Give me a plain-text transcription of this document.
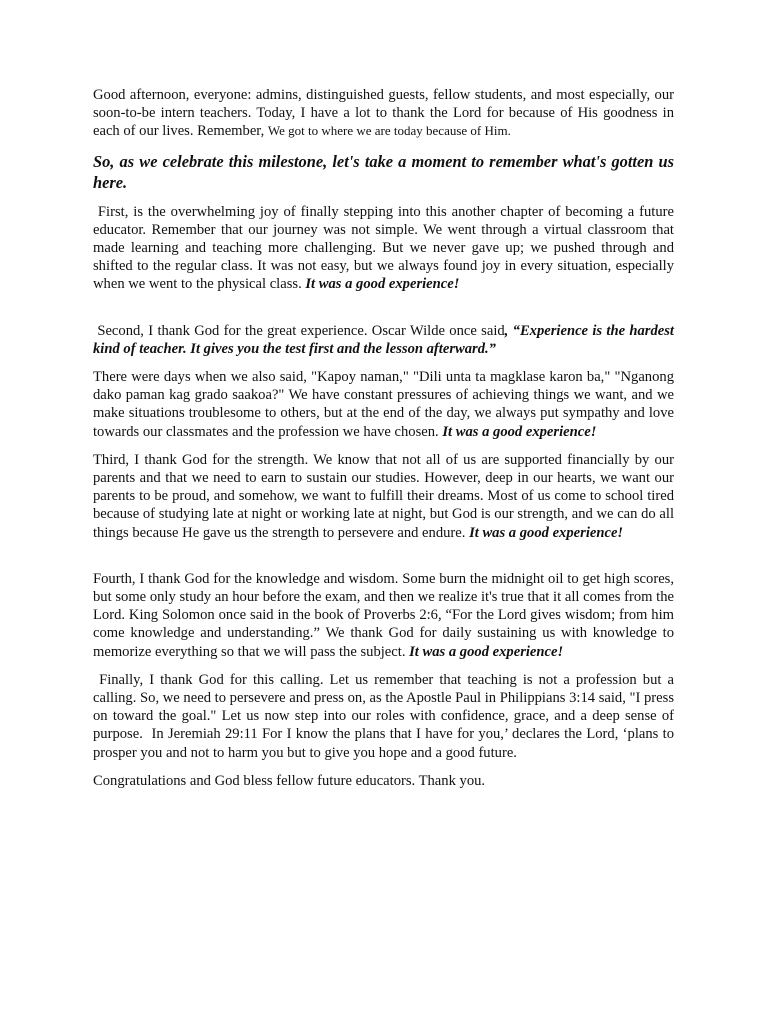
Good afternoon, everyone: admins, distinguished guests, fellow students, and most especially, our soon-to-be intern teachers. Today, I have a lot to thank the Lord for because of His goodness in each of our lives. Remember, We got to where we are today because of Him.

So, as we celebrate this milestone, let's take a moment to remember what's gotten us here.

First, is the overwhelming joy of finally stepping into this another chapter of becoming a future educator. Remember that our journey was not simple. We went through a virtual classroom that made learning and teaching more challenging. But we never gave up; we pushed through and shifted to the regular class. It was not easy, but we always found joy in every situation, especially when we went to the physical class. It was a good experience!

Second, I thank God for the great experience. Oscar Wilde once said, “Experience is the hardest kind of teacher. It gives you the test first and the lesson afterward.”

There were days when we also said, "Kapoy naman," "Dili unta ta magklase karon ba," "Nganong dako paman kag grado saakoa?" We have constant pressures of achieving things we want, and we make situations troublesome to others, but at the end of the day, we always put sympathy and love towards our classmates and the profession we have chosen. It was a good experience!

Third, I thank God for the strength. We know that not all of us are supported financially by our parents and that we need to earn to sustain our studies. However, deep in our hearts, we want our parents to be proud, and somehow, we want to fulfill their dreams. Most of us come to school tired because of studying late at night or working late at night, but God is our strength, and we can do all things because He gave us the strength to persevere and endure. It was a good experience!

Fourth, I thank God for the knowledge and wisdom. Some burn the midnight oil to get high scores, but some only study an hour before the exam, and then we realize it's true that it all comes from the Lord. King Solomon once said in the book of Proverbs 2:6, “For the Lord gives wisdom; from him come knowledge and understanding.” We thank God for daily sustaining us with knowledge to memorize everything so that we will pass the subject. It was a good experience!

Finally, I thank God for this calling. Let us remember that teaching is not a profession but a calling. So, we need to persevere and press on, as the Apostle Paul in Philippians 3:14 said, "I press on toward the goal." Let us now step into our roles with confidence, grace, and a deep sense of purpose.  In Jeremiah 29:11 For I know the plans that I have for you,’ declares the Lord, ‘plans to prosper you and not to harm you but to give you hope and a good future.

Congratulations and God bless fellow future educators. Thank you.
